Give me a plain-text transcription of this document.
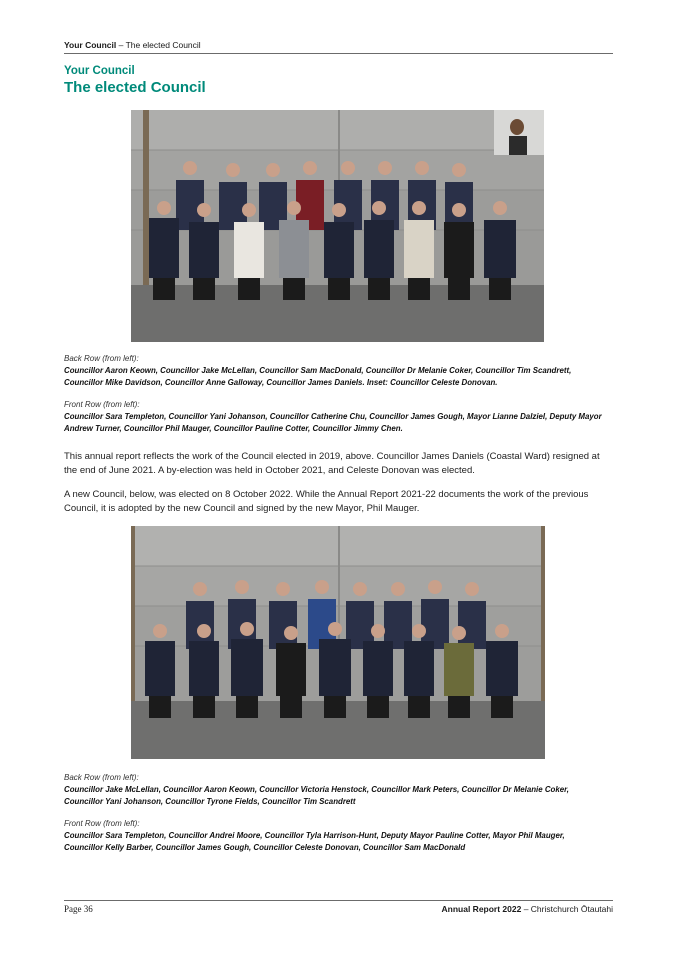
Your Council – The elected Council
Your Council
The elected Council
Back Row (from left):
Councillor Aaron Keown, Councillor Jake McLellan, Councillor Sam MacDonald, Councillor Dr Melanie Coker, Councillor Tim Scandrett, Councillor Mike Davidson, Councillor Anne Galloway, Councillor James Daniels. Inset: Councillor Celeste Donovan.
Front Row (from left):
Councillor Sara Templeton, Councillor Yani Johanson, Councillor Catherine Chu, Councillor James Gough, Mayor Lianne Dalziel, Deputy Mayor Andrew Turner, Councillor Phil Mauger, Councillor Pauline Cotter, Councillor Jimmy Chen.
This annual report reflects the work of the Council elected in 2019, above. Councillor James Daniels (Coastal Ward) resigned at the end of June 2021. A by-election was held in October 2021, and Celeste Donovan was elected.
A new Council, below, was elected on 8 October 2022. While the Annual Report 2021-22 documents the work of the previous Council, it is adopted by the new Council and signed by the new Mayor, Phil Mauger.
Back Row (from left):
Councillor Jake McLellan, Councillor Aaron Keown, Councillor Victoria Henstock, Councillor Mark Peters, Councillor Dr Melanie Coker, Councillor Yani Johanson, Councillor Tyrone Fields, Councillor Tim Scandrett
Front Row (from left):
Councillor Sara Templeton, Councillor Andrei Moore, Councillor Tyla Harrison-Hunt, Deputy Mayor Pauline Cotter, Mayor Phil Mauger, Councillor Kelly Barber, Councillor James Gough, Councillor Celeste Donovan, Councillor Sam MacDonald
Page 36	Annual Report 2022 – Christchurch Ōtautahi
